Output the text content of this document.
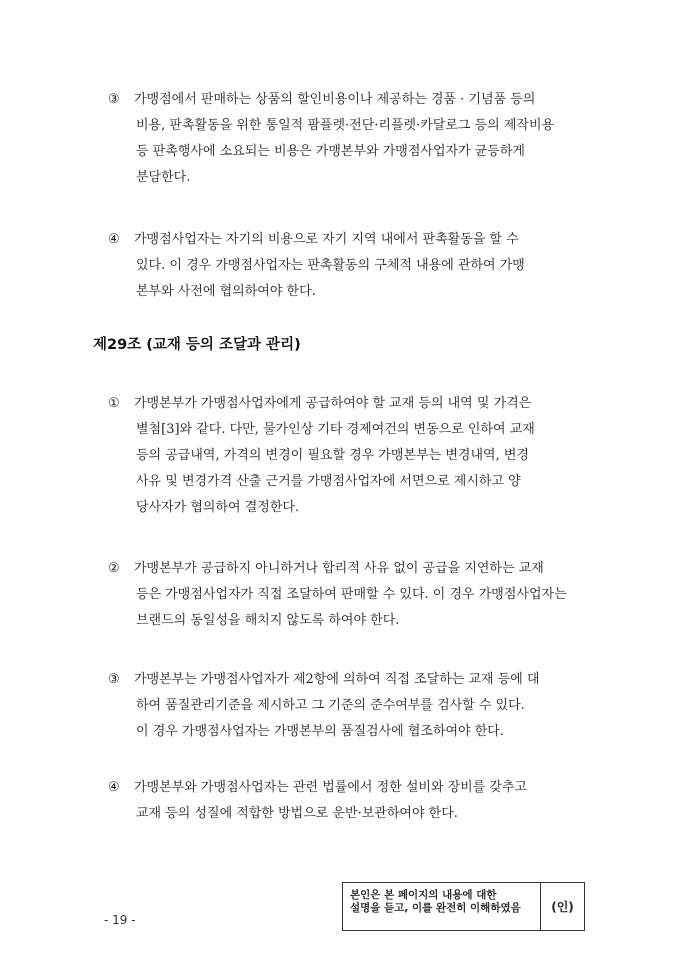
③ 가맹점에서 판매하는 상품의 할인비용이나 제공하는 경품 · 기념품 등의
비용, 판촉활동을 위한 통일적 팜플렛·전단·리플렛·카달로그 등의 제작비용
등 판촉행사에 소요되는 비용은 가맹본부와 가맹점사업자가 균등하게
분담한다.
④ 가맹점사업자는 자기의 비용으로 자기 지역 내에서 판촉활동을 할 수
있다. 이 경우 가맹점사업자는 판촉활동의 구체적 내용에 관하여 가맹
본부와 사전에 협의하여야 한다.
제29조 (교재 등의 조달과 관리)
① 가맹본부가 가맹점사업자에게 공급하여야 할 교재 등의 내역 및 가격은
별첨[3]와 같다. 다만, 물가인상 기타 경제여건의 변동으로 인하여 교재
등의 공급내역, 가격의 변경이 필요할 경우 가맹본부는 변경내역, 변경
사유 및 변경가격 산출 근거를 가맹점사업자에 서면으로 제시하고 양
당사자가 협의하여 결정한다.
② 가맹본부가 공급하지 아니하거나 합리적 사유 없이 공급을 지연하는 교재
등은 가맹점사업자가 직접 조달하여 판매할 수 있다. 이 경우 가맹점사업자는
브랜드의 동일성을 해치지 않도록 하여야 한다.
③ 가맹본부는 가맹점사업자가 제2항에 의하여 직접 조달하는 교재 등에 대
하여 품질관리기준을 제시하고 그 기준의 준수여부를 검사할 수 있다.
이 경우 가맹점사업자는 가맹본부의 품질검사에 협조하여야 한다.
④ 가맹본부와 가맹점사업자는 관련 법률에서 정한 설비와 장비를 갖추고
교재 등의 성질에 적합한 방법으로 운반·보관하여야 한다.
- 19 -
본인은 본 페이지의 내용에 대한
설명을 듣고, 이를 완전히 이해하였음	(인)
